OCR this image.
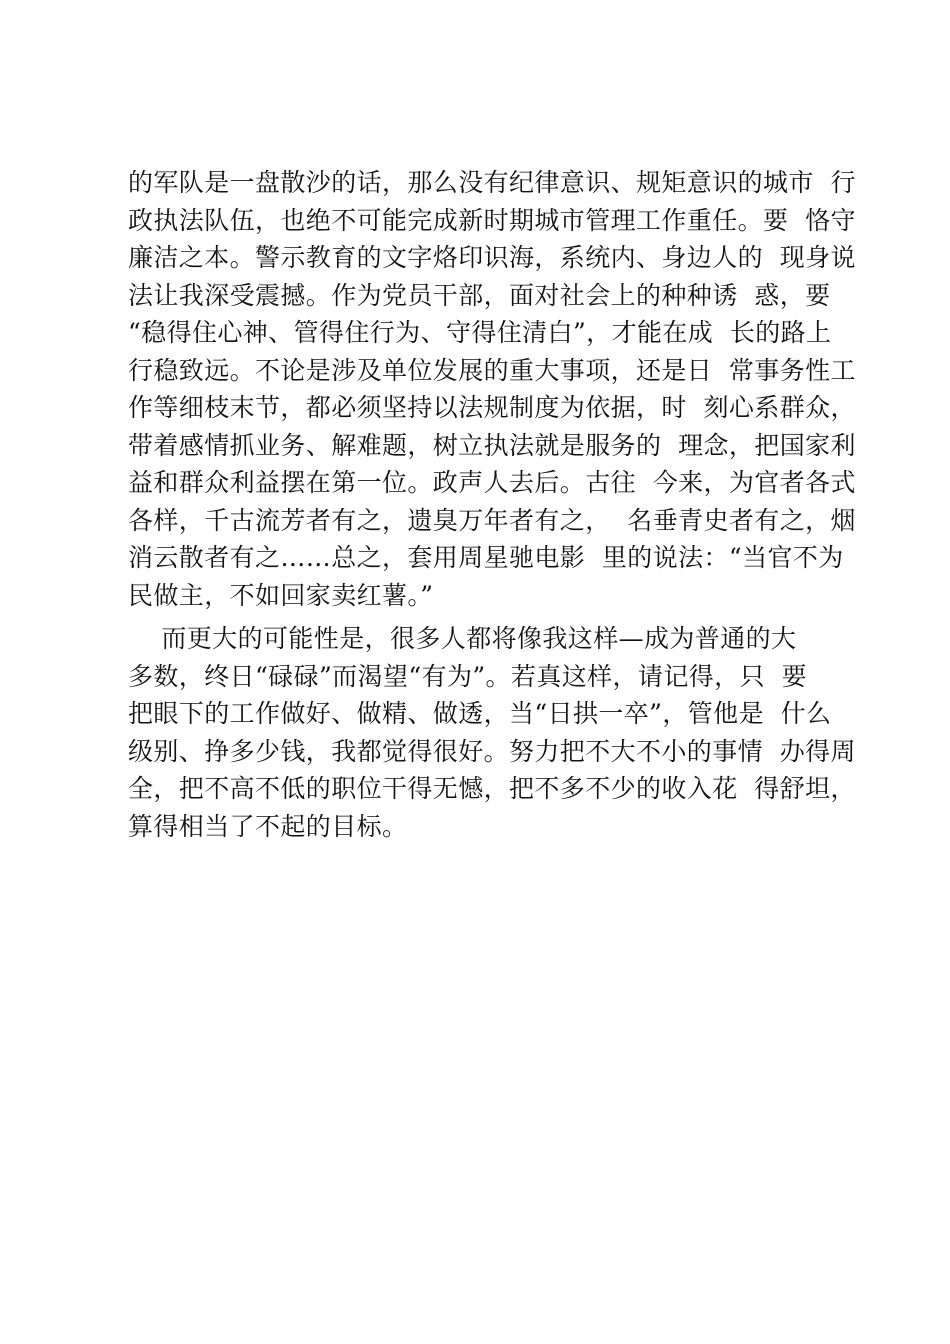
的军队是一盘散沙的话，那么没有纪律意识、规矩意识的城市  行
政执法队伍，也绝不可能完成新时期城市管理工作重任。要  恪守
廉洁之本。警示教育的文字烙印识海，系统内、身边人的  现身说
法让我深受震撼。作为党员干部，面对社会上的种种诱  惑，要
“稳得住心神、管得住行为、守得住清白”，才能在成  长的路上
行稳致远。不论是涉及单位发展的重大事项，还是日  常事务性工
作等细枝末节，都必须坚持以法规制度为依据，时  刻心系群众，
带着感情抓业务、解难题，树立执法就是服务的  理念，把国家利
益和群众利益摆在第一位。政声人去后。古往  今来，为官者各式
各样，千古流芳者有之，遗臭万年者有之，  名垂青史者有之，烟
消云散者有之……总之，套用周星驰电影  里的说法：“当官不为
民做主，不如回家卖红薯。”
而更大的可能性是，很多人都将像我这样—成为普通的大
多数，终日“碌碌”而渴望“有为”。若真这样，请记得，只  要
把眼下的工作做好、做精、做透，当“日拱一卒”，管他是  什么
级别、挣多少钱，我都觉得很好。努力把不大不小的事情  办得周
全，把不高不低的职位干得无憾，把不多不少的收入花  得舒坦，
算得相当了不起的目标。
